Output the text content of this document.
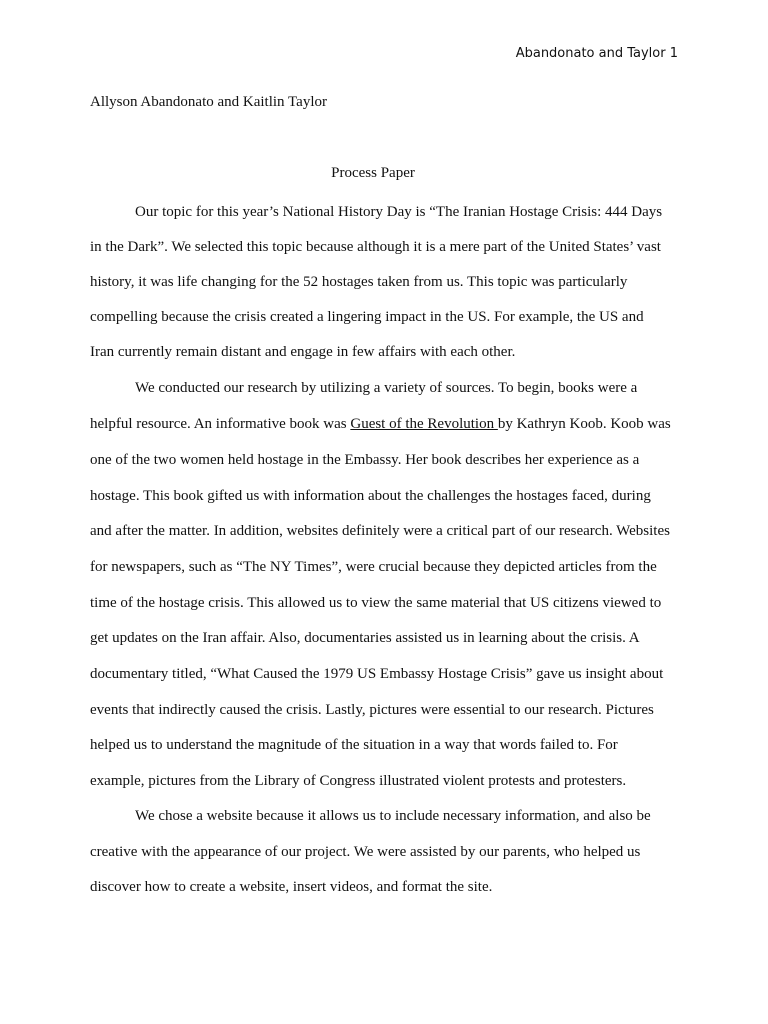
Abandonato and Taylor 1
Allyson Abandonato and Kaitlin Taylor
Process Paper
Our topic for this year’s National History Day is “The Iranian Hostage Crisis: 444 Days
in the Dark”. We selected this topic because although it is a mere part of the United States’ vast
history, it was life changing for the 52 hostages taken from us. This topic was particularly
compelling because the crisis created a lingering impact in the US. For example, the US and
Iran currently remain distant and engage in few affairs with each other.
We conducted our research by utilizing a variety of sources. To begin, books were a
helpful resource. An informative book was Guest of the Revolution by Kathryn Koob. Koob was
one of the two women held hostage in the Embassy. Her book describes her experience as a
hostage. This book gifted us with information about the challenges the hostages faced, during
and after the matter. In addition, websites definitely were a critical part of our research. Websites
for newspapers, such as “The NY Times”, were crucial because they depicted articles from the
time of the hostage crisis. This allowed us to view the same material that US citizens viewed to
get updates on the Iran affair. Also, documentaries assisted us in learning about the crisis. A
documentary titled, “What Caused the 1979 US Embassy Hostage Crisis” gave us insight about
events that indirectly caused the crisis. Lastly, pictures were essential to our research. Pictures
helped us to understand the magnitude of the situation in a way that words failed to. For
example, pictures from the Library of Congress illustrated violent protests and protesters.
We chose a website because it allows us to include necessary information, and also be
creative with the appearance of our project. We were assisted by our parents, who helped us
discover how to create a website, insert videos, and format the site.
